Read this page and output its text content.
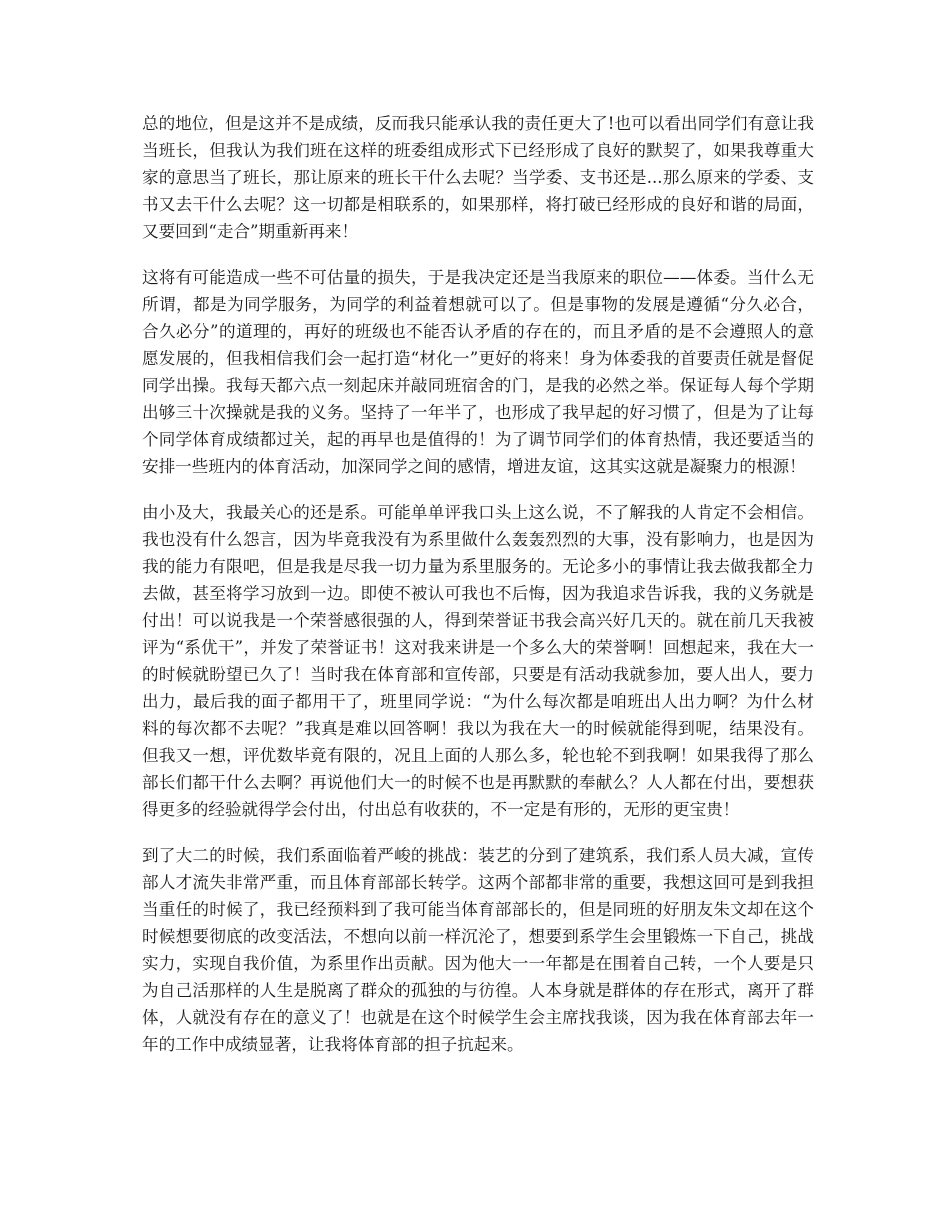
总的地位，但是这并不是成绩，反而我只能承认我的责任更大了!也可以看出同学们有意让我当班长，但我认为我们班在这样的班委组成形式下已经形成了良好的默契了，如果我尊重大家的意思当了班长，那让原来的班长干什么去呢？当学委、支书还是...那么原来的学委、支书又去干什么去呢？这一切都是相联系的，如果那样，将打破已经形成的良好和谐的局面，又要回到“走合”期重新再来！

这将有可能造成一些不可估量的损失，于是我决定还是当我原来的职位——体委。当什么无所谓，都是为同学服务，为同学的利益着想就可以了。但是事物的发展是遵循“分久必合，合久必分”的道理的，再好的班级也不能否认矛盾的存在的，而且矛盾的是不会遵照人的意愿发展的，但我相信我们会一起打造“材化一”更好的将来！身为体委我的首要责任就是督促同学出操。我每天都六点一刻起床并敲同班宿舍的门，是我的必然之举。保证每人每个学期出够三十次操就是我的义务。坚持了一年半了，也形成了我早起的好习惯了，但是为了让每个同学体育成绩都过关，起的再早也是值得的！为了调节同学们的体育热情，我还要适当的安排一些班内的体育活动，加深同学之间的感情，增进友谊，这其实这就是凝聚力的根源！

由小及大，我最关心的还是系。可能单单评我口头上这么说，不了解我的人肯定不会相信。我也没有什么怨言，因为毕竟我没有为系里做什么轰轰烈烈的大事，没有影响力，也是因为我的能力有限吧，但是我是尽我一切力量为系里服务的。无论多小的事情让我去做我都全力去做，甚至将学习放到一边。即使不被认可我也不后悔，因为我追求告诉我，我的义务就是付出！可以说我是一个荣誉感很强的人，得到荣誉证书我会高兴好几天的。就在前几天我被评为“系优干”，并发了荣誉证书！这对我来讲是一个多么大的荣誉啊！回想起来，我在大一的时候就盼望已久了！当时我在体育部和宣传部，只要是有活动我就参加，要人出人，要力出力，最后我的面子都用干了，班里同学说：“为什么每次都是咱班出人出力啊？为什么材料的每次都不去呢？”我真是难以回答啊！我以为我在大一的时候就能得到呢，结果没有。但我又一想，评优数毕竟有限的，况且上面的人那么多，轮也轮不到我啊！如果我得了那么部长们都干什么去啊？再说他们大一的时候不也是再默默的奉献么？人人都在付出，要想获得更多的经验就得学会付出，付出总有收获的，不一定是有形的，无形的更宝贵！

到了大二的时候，我们系面临着严峻的挑战：装艺的分到了建筑系，我们系人员大减，宣传部人才流失非常严重，而且体育部部长转学。这两个部都非常的重要，我想这回可是到我担当重任的时候了，我已经预料到了我可能当体育部部长的，但是同班的好朋友朱文却在这个时候想要彻底的改变活法，不想向以前一样沉沦了，想要到系学生会里锻炼一下自己，挑战实力，实现自我价值，为系里作出贡献。因为他大一一年都是在围着自己转，一个人要是只为自己活那样的人生是脱离了群众的孤独的与彷徨。人本身就是群体的存在形式，离开了群体，人就没有存在的意义了！也就是在这个时候学生会主席找我谈，因为我在体育部去年一年的工作中成绩显著，让我将体育部的担子抗起来。
